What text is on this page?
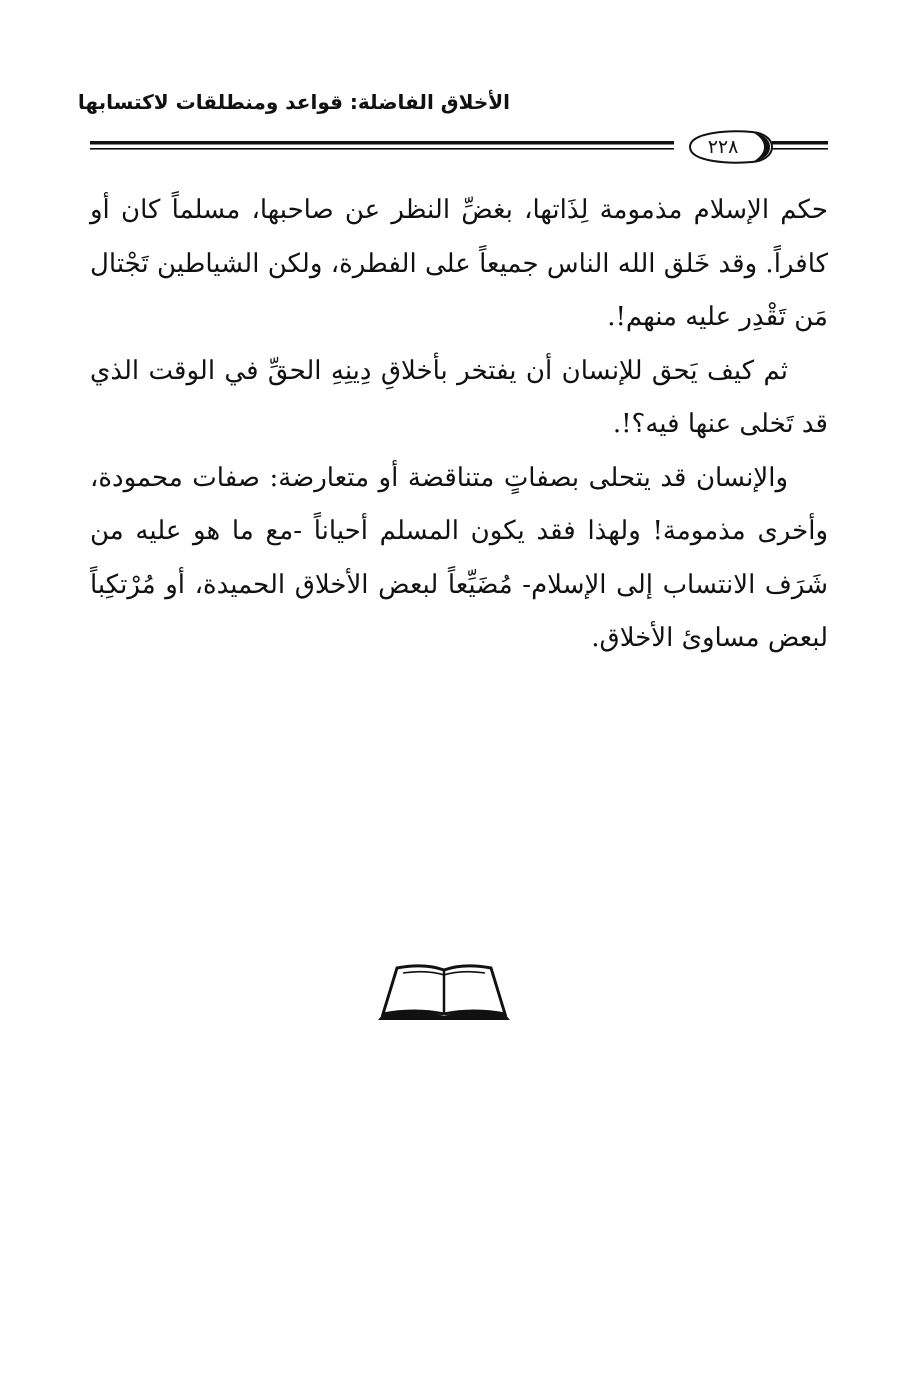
الأخلاق الفاضلة: قواعد ومنطلقات لاكتسابها
٢٢٨

حكم الإسلام مذمومة لِذَاتها، بغضِّ النظر عن صاحبها، مسلماً كان أو كافراً. وقد خَلق الله الناس جميعاً على الفطرة، ولكن الشياطين تَجْتال مَن تَقْدِر عليه منهم!.

ثم كيف يَحق للإنسان أن يفتخر بأخلاقِ دِينِهِ الحقِّ في الوقت الذي قد تَخلى عنها فيه؟!.

والإنسان قد يتحلى بصفاتٍ متناقضة أو متعارضة: صفات محمودة، وأخرى مذمومة! ولهذا فقد يكون المسلم أحياناً -مع ما هو عليه من شَرَف الانتساب إلى الإسلام- مُضَيِّعاً لبعض الأخلاق الحميدة، أو مُرْتكِباً لبعض مساوئ الأخلاق.
